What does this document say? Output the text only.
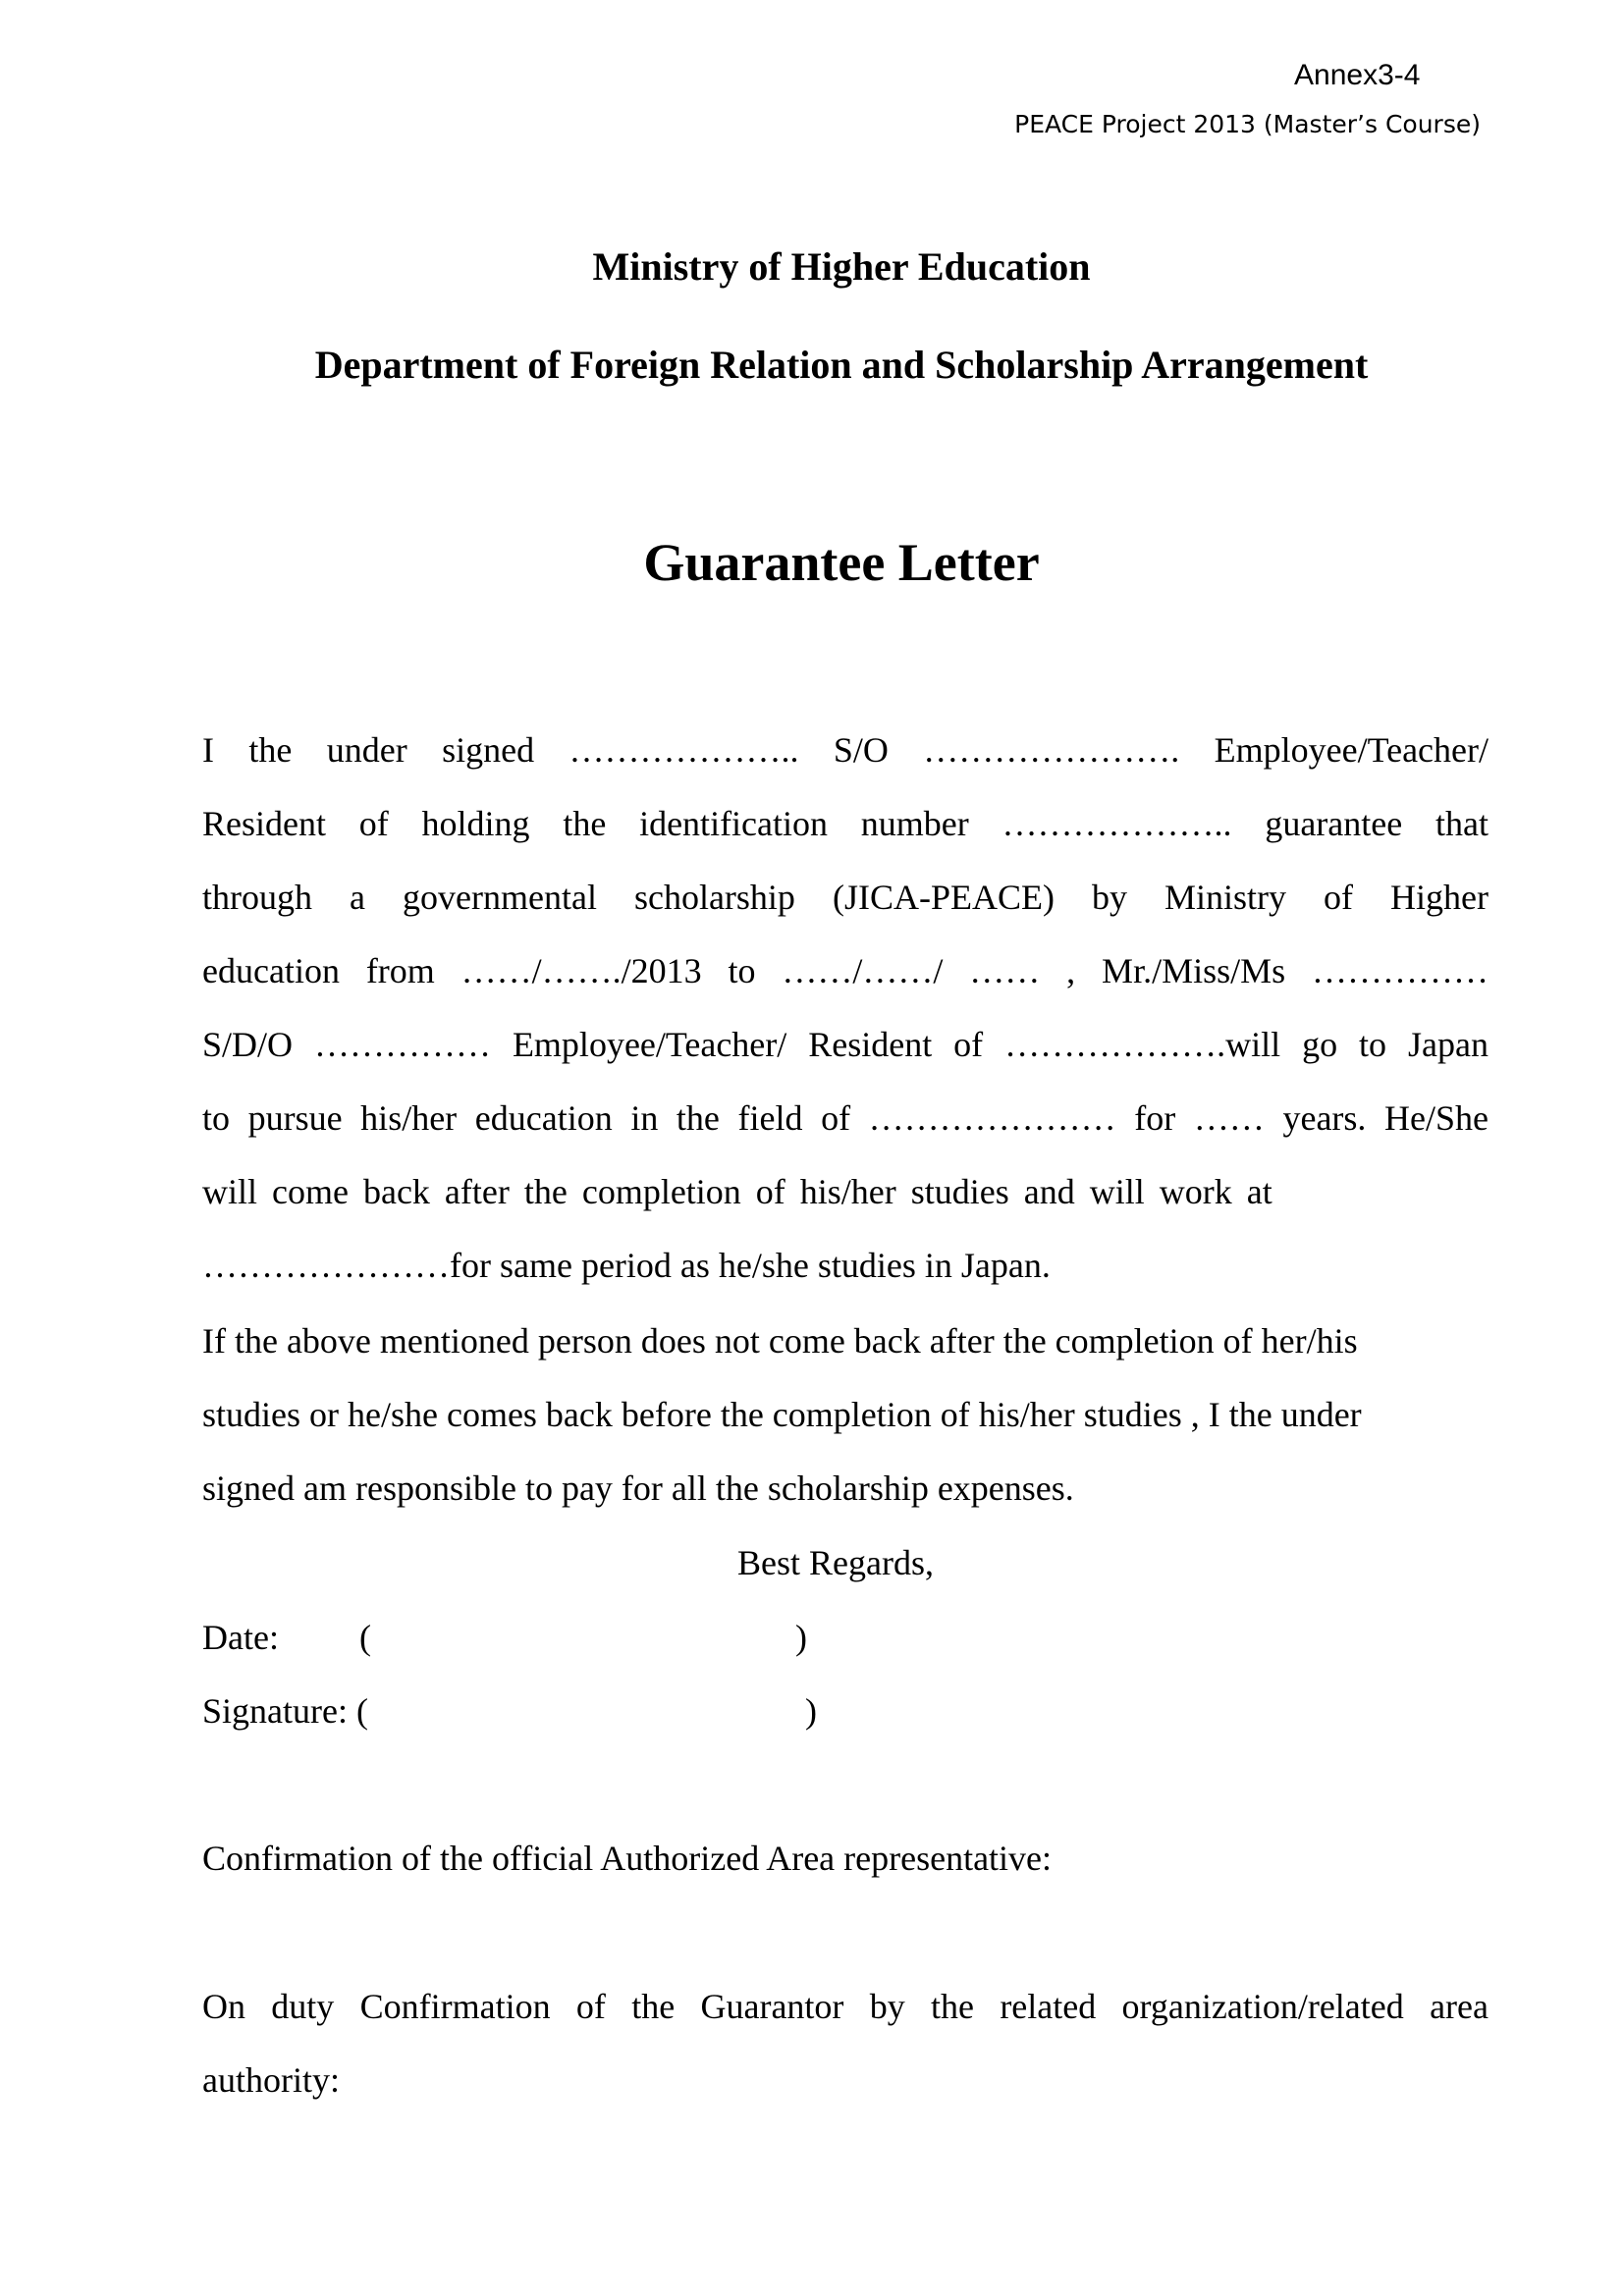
Annex3-4
PEACE Project 2013 (Master’s Course)
Ministry of Higher Education
Department of Foreign Relation and Scholarship Arrangement
Guarantee Letter
I the under signed ……………….. S/O …………………. Employee/Teacher/
Resident of holding the identification number ……………….. guarantee that
through a governmental scholarship (JICA-PEACE) by Ministry of Higher
education from ……/……./2013 to ……/……/ …… , Mr./Miss/Ms ……………
S/D/O …………… Employee/Teacher/ Resident of ……………….will go to Japan
to pursue his/her education in the field of ………………… for …… years. He/She
will come back after the completion of his/her studies and will work at
…………………for same period as he/she studies in Japan.
If the above mentioned person does not come back after the completion of her/his
studies or he/she comes back before the completion of his/her studies , I the under
signed am responsible to pay for all the scholarship expenses.
Best Regards,
Date: (	)
Signature: (	)
Confirmation of the official Authorized Area representative:
On duty Confirmation of the Guarantor by the related organization/related area
authority:
